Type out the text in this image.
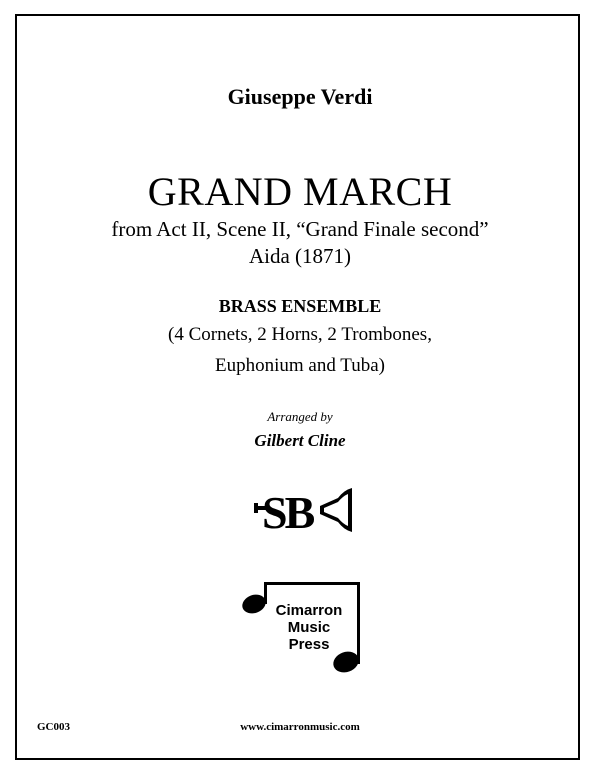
Giuseppe Verdi
GRAND MARCH
from Act II, Scene II, “Grand Finale second”
Aida (1871)
BRASS ENSEMBLE
(4 Cornets, 2 Horns, 2 Trombones,
Euphonium and Tuba)
Arranged by
Gilbert Cline
SB
Cimarron
Music
Press
GC003	www.cimarronmusic.com
